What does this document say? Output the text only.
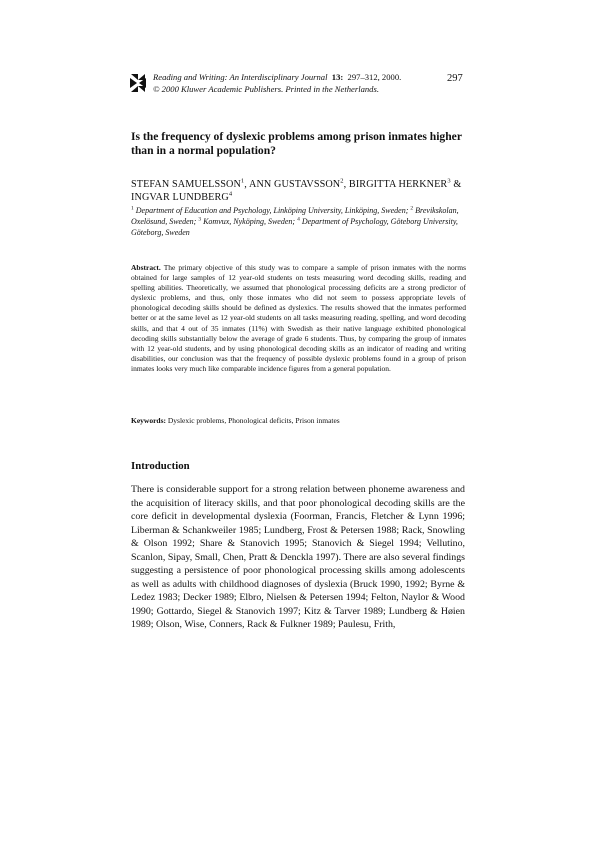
Reading and Writing: An Interdisciplinary Journal 13: 297–312, 2000.
© 2000 Kluwer Academic Publishers. Printed in the Netherlands.
297
Is the frequency of dyslexic problems among prison inmates higher than in a normal population?
STEFAN SAMUELSSON$^1$, ANN GUSTAVSSON$^2$, BIRGITTA HERKNER$^3$ & INGVAR LUNDBERG$^4$
$^1$ Department of Education and Psychology, Linköping University, Linköping, Sweden; $^2$ Brevikskolan, Oxelösund, Sweden; $^3$ Komvux, Nyköping, Sweden; $^4$ Department of Psychology, Göteborg University, Göteborg, Sweden
Abstract. The primary objective of this study was to compare a sample of prison inmates with the norms obtained for large samples of 12 year-old students on tests measuring word decoding skills, reading and spelling abilities. Theoretically, we assumed that phonological processing deficits are a strong predictor of dyslexic problems, and thus, only those inmates who did not seem to possess appropriate levels of phonological decoding skills should be defined as dyslexics. The results showed that the inmates performed better or at the same level as 12 year-old students on all tasks measuring reading, spelling, and word decoding skills, and that 4 out of 35 inmates (11%) with Swedish as their native language exhibited phonological decoding skills substantially below the average of grade 6 students. Thus, by comparing the group of inmates with 12 year-old students, and by using phonological decoding skills as an indicator of reading and writing disabilities, our conclusion was that the frequency of possible dyslexic problems found in a group of prison inmates looks very much like comparable incidence figures from a general population.
Keywords: Dyslexic problems, Phonological deficits, Prison inmates
Introduction
There is considerable support for a strong relation between phoneme awareness and the acquisition of literacy skills, and that poor phonological decoding skills are the core deficit in developmental dyslexia (Foorman, Francis, Fletcher & Lynn 1996; Liberman & Schankweiler 1985; Lundberg, Frost & Petersen 1988; Rack, Snowling & Olson 1992; Share & Stanovich 1995; Stanovich & Siegel 1994; Vellutino, Scanlon, Sipay, Small, Chen, Pratt & Denckla 1997). There are also several findings suggesting a persistence of poor phonological processing skills among adolescents as well as adults with childhood diagnoses of dyslexia (Bruck 1990, 1992; Byrne & Ledez 1983; Decker 1989; Elbro, Nielsen & Petersen 1994; Felton, Naylor & Wood 1990; Gottardo, Siegel & Stanovich 1997; Kitz & Tarver 1989; Lundberg & Høien 1989; Olson, Wise, Conners, Rack & Fulkner 1989; Paulesu, Frith,
